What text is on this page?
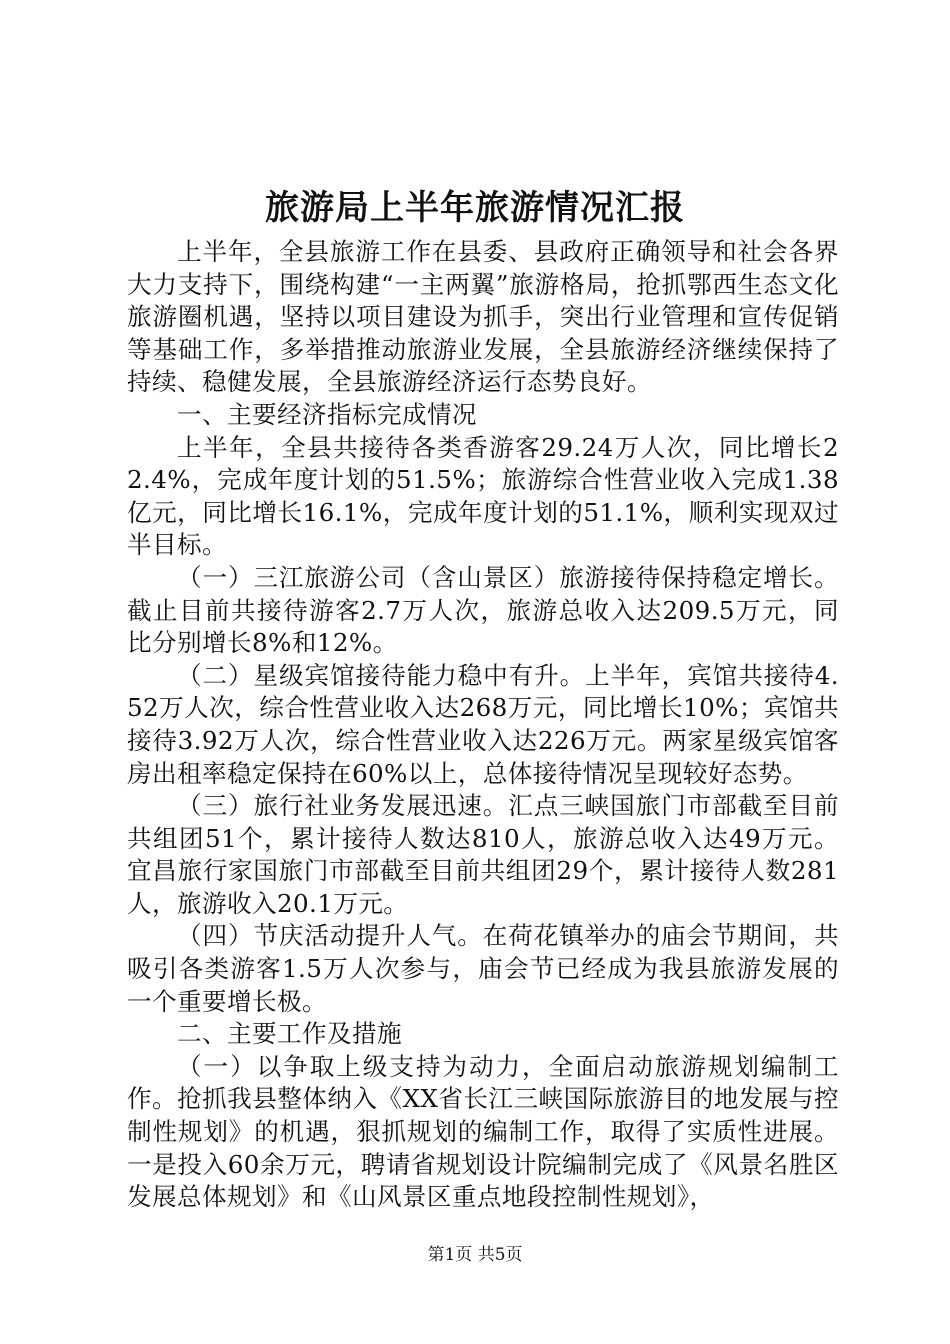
旅游局上半年旅游情况汇报

上半年，全县旅游工作在县委、县政府正确领导和社会各界大力支持下，围绕构建“一主两翼”旅游格局，抢抓鄂西生态文化旅游圈机遇，坚持以项目建设为抓手，突出行业管理和宣传促销等基础工作，多举措推动旅游业发展，全县旅游经济继续保持了持续、稳健发展，全县旅游经济运行态势良好。

一、主要经济指标完成情况

上半年，全县共接待各类香游客29.24万人次，同比增长22.4%，完成年度计划的51.5%；旅游综合性营业收入完成1.38亿元，同比增长16.1%，完成年度计划的51.1%，顺利实现双过半目标。

（一）三江旅游公司（含山景区）旅游接待保持稳定增长。截止目前共接待游客2.7万人次，旅游总收入达209.5万元，同比分别增长8%和12%。

（二）星级宾馆接待能力稳中有升。上半年，宾馆共接待4.52万人次，综合性营业收入达268万元，同比增长10%；宾馆共接待3.92万人次，综合性营业收入达226万元。两家星级宾馆客房出租率稳定保持在60%以上，总体接待情况呈现较好态势。

（三）旅行社业务发展迅速。汇点三峡国旅门市部截至目前共组团51个，累计接待人数达810人，旅游总收入达49万元。宜昌旅行家国旅门市部截至目前共组团29个，累计接待人数281人，旅游收入20.1万元。

（四）节庆活动提升人气。在荷花镇举办的庙会节期间，共吸引各类游客1.5万人次参与，庙会节已经成为我县旅游发展的一个重要增长极。

二、主要工作及措施

（一）以争取上级支持为动力，全面启动旅游规划编制工作。抢抓我县整体纳入《XX省长江三峡国际旅游目的地发展与控制性规划》的机遇，狠抓规划的编制工作，取得了实质性进展。一是投入60余万元，聘请省规划设计院编制完成了《风景名胜区发展总体规划》和《山风景区重点地段控制性规划》，

第1页 共5页
